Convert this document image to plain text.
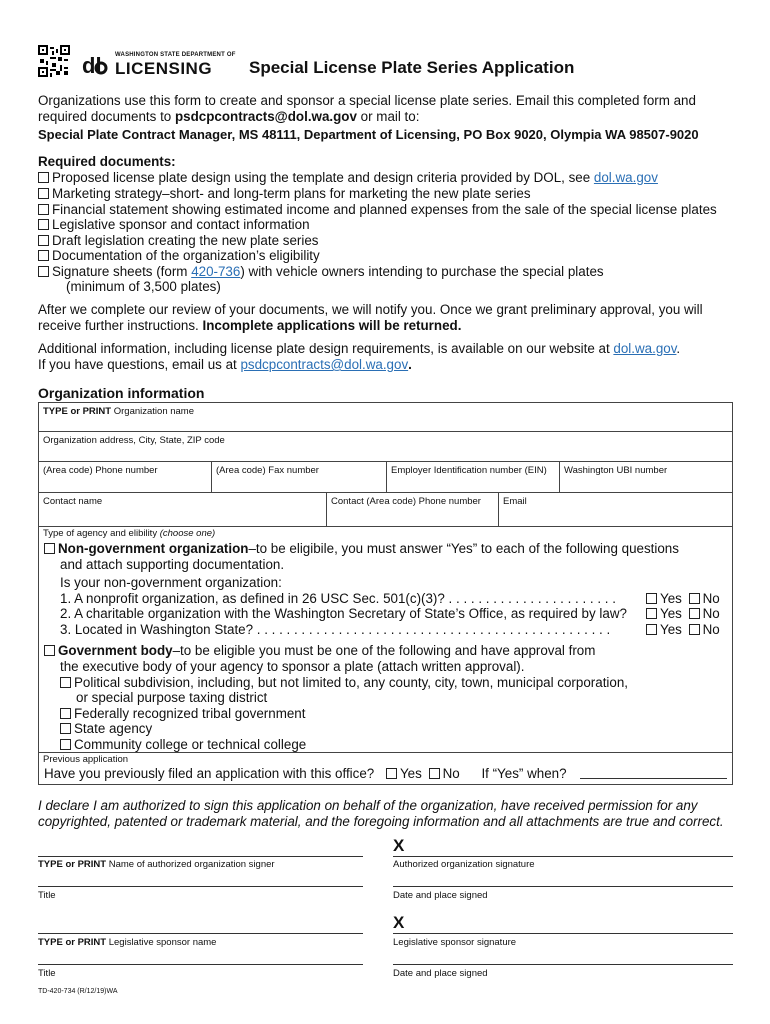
dl WASHINGTON STATE DEPARTMENT OF
LICENSING Special License Plate Series Application
Organizations use this form to create and sponsor a special license plate series. Email this completed form and
required documents to psdcpcontracts@dol.wa.gov or mail to:
Special Plate Contract Manager, MS 48111, Department of Licensing, PO Box 9020, Olympia WA 98507-9020
Required documents:
Proposed license plate design using the template and design criteria provided by DOL, see dol.wa.gov
Marketing strategy–short- and long-term plans for marketing the new plate series
Financial statement showing estimated income and planned expenses from the sale of the special license plates
Legislative sponsor and contact information
Draft legislation creating the new plate series
Documentation of the organization’s eligibility
Signature sheets (form 420-736) with vehicle owners intending to purchase the special plates
(minimum of 3,500 plates)
After we complete our review of your documents, we will notify you. Once we grant preliminary approval, you will
receive further instructions. Incomplete applications will be returned.
Additional information, including license plate design requirements, is available on our website at dol.wa.gov.
If you have questions, email us at psdcpcontracts@dol.wa.gov.
Organization information
TYPE or PRINT Organization name
Organization address, City, State, ZIP code
(Area code) Phone number	(Area code) Fax number	Employer Identification number (EIN) Washington UBI number
Contact name	Contact (Area code) Phone number Email
Type of agency and elibility (choose one)
Non-government organization–to be eligibile, you must answer “Yes” to each of the following questions
and attach supporting documentation.
Is your non-government organization:
1. A nonprofit organization, as defined in 26 USC Sec. 501(c)(3)? . . . . . . . . . . . . . . . . . . . . . . .	Yes No
2. A charitable organization with the Washington Secretary of State’s Office, as required by law?	Yes No
3. Located in Washington State? . . . . . . . . . . . . . . . . . . . . . . . . . . . . . . . . . . . . . . . . . . . . . . . .	Yes No
Government body–to be eligible you must be one of the following and have approval from
the executive body of your agency to sponsor a plate (attach written approval).
Political subdivision, including, but not limited to, any county, city, town, municipal corporation,
or special purpose taxing district
Federally recognized tribal government
State agency
Community college or technical college
Previous application
Have you previously filed an application with this office? Yes No If “Yes” when?
I declare I am authorized to sign this application on behalf of the organization, have received permission for any
copyrighted, patented or trademark material, and the foregoing information and all attachments are true and correct.
TYPE or PRINT Name of authorized organization signer
X
Authorized organization signature
Title	Date and place signed
TYPE or PRINT Legislative sponsor name
X
Legislative sponsor signature
Title	Date and place signed
TD-420-734 (R/12/19)WA
